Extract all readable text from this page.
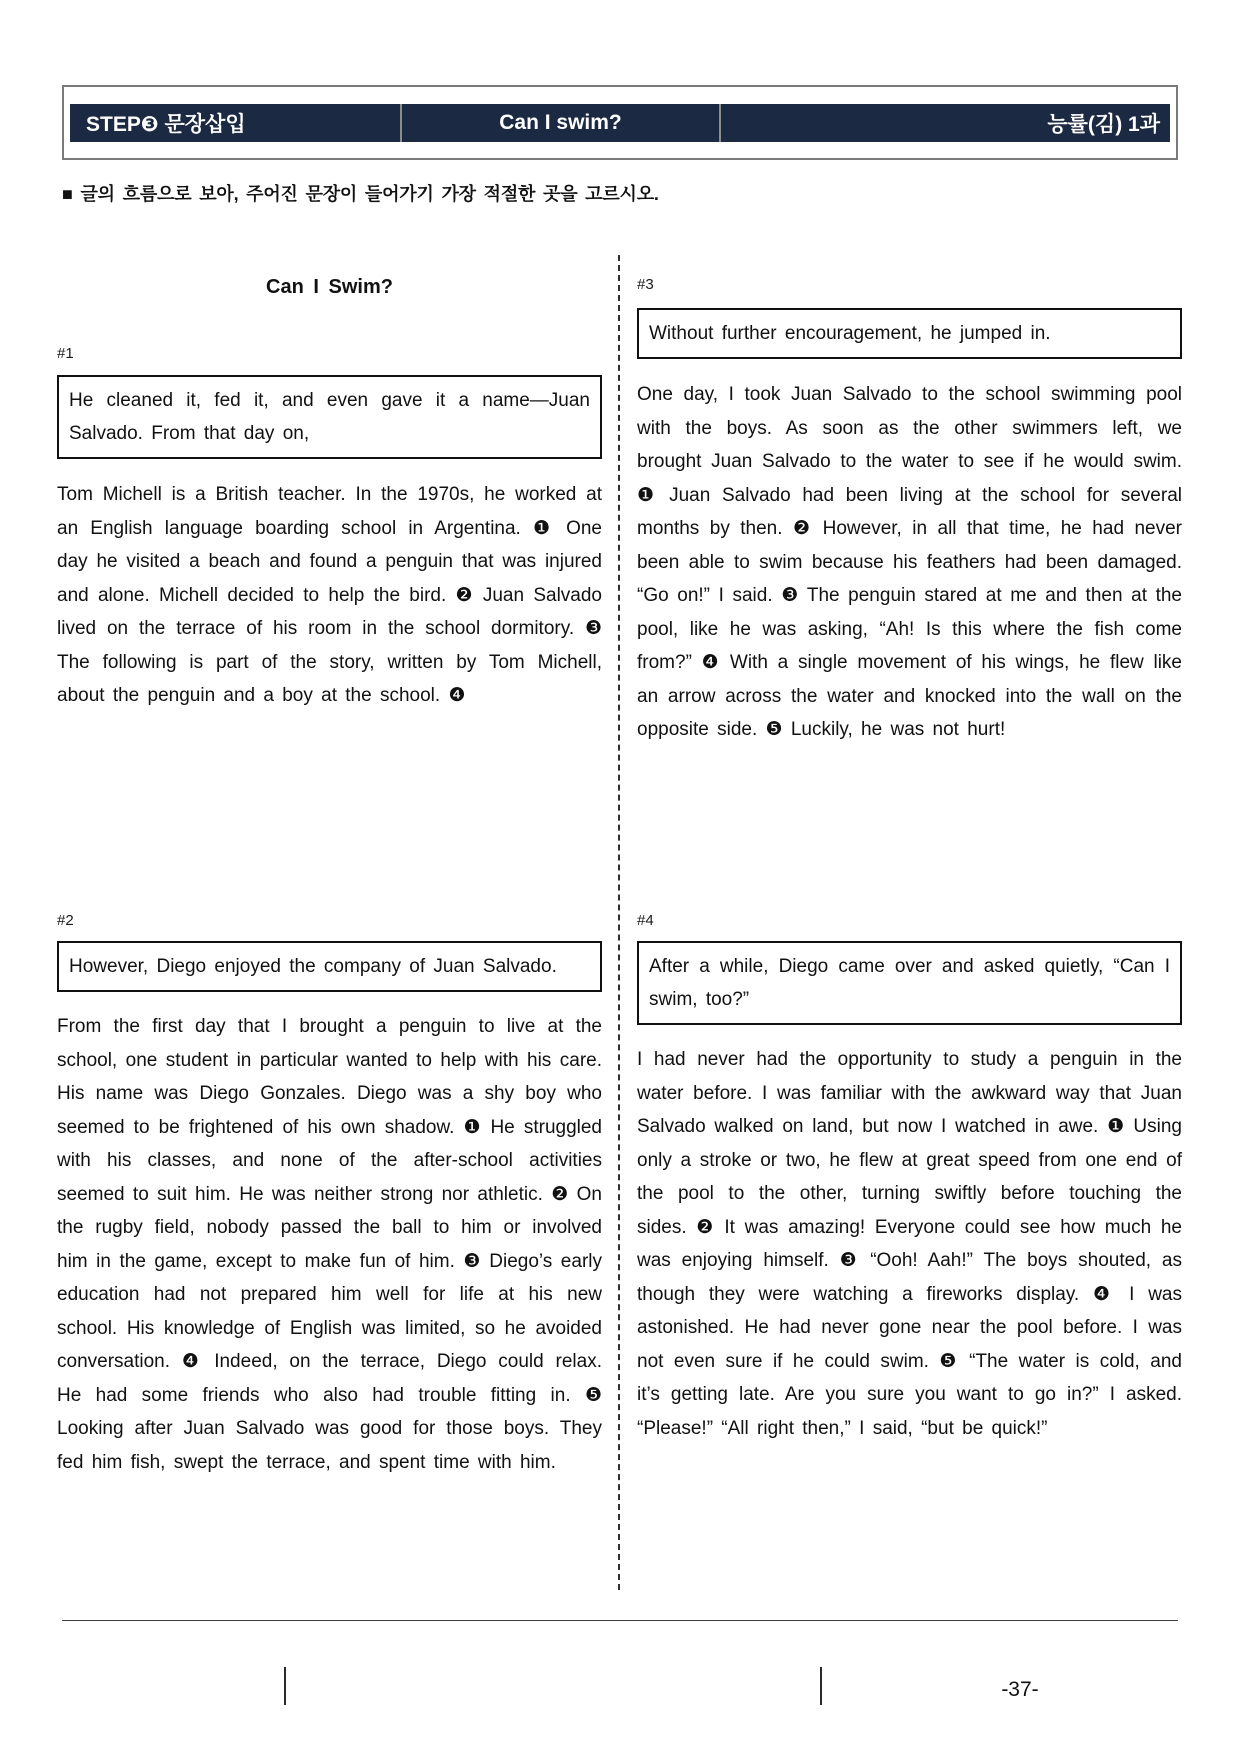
STEP❸ 문장삽입	Can I swim?	능률(김) 1과
■ 글의 흐름으로 보아, 주어진 문장이 들어가기 가장 적절한 곳을 고르시오.
Can I Swim?
#1
He cleaned it, fed it, and even gave it a name—Juan Salvado. From that day on,
Tom Michell is a British teacher. In the 1970s, he worked at an English language boarding school in Argentina. ❶ One day he visited a beach and found a penguin that was injured and alone. Michell decided to help the bird. ❷ Juan Salvado lived on the terrace of his room in the school dormitory. ❸ The following is part of the story, written by Tom Michell, about the penguin and a boy at the school. ❹
#2
However, Diego enjoyed the company of Juan Salvado.
From the first day that I brought a penguin to live at the school, one student in particular wanted to help with his care. His name was Diego Gonzales. Diego was a shy boy who seemed to be frightened of his own shadow. ❶ He struggled with his classes, and none of the after-school activities seemed to suit him. He was neither strong nor athletic. ❷ On the rugby field, nobody passed the ball to him or involved him in the game, except to make fun of him. ❸ Diego’s early education had not prepared him well for life at his new school. His knowledge of English was limited, so he avoided conversation. ❹ Indeed, on the terrace, Diego could relax. He had some friends who also had trouble fitting in. ❺ Looking after Juan Salvado was good for those boys. They fed him fish, swept the terrace, and spent time with him.
#3
Without further encouragement, he jumped in.
One day, I took Juan Salvado to the school swimming pool with the boys. As soon as the other swimmers left, we brought Juan Salvado to the water to see if he would swim. ❶ Juan Salvado had been living at the school for several months by then. ❷ However, in all that time, he had never been able to swim because his feathers had been damaged. “Go on!” I said. ❸ The penguin stared at me and then at the pool, like he was asking, “Ah! Is this where the fish come from?” ❹ With a single movement of his wings, he flew like an arrow across the water and knocked into the wall on the opposite side. ❺ Luckily, he was not hurt!
#4
After a while, Diego came over and asked quietly, “Can I swim, too?”
I had never had the opportunity to study a penguin in the water before. I was familiar with the awkward way that Juan Salvado walked on land, but now I watched in awe. ❶ Using only a stroke or two, he flew at great speed from one end of the pool to the other, turning swiftly before touching the sides. ❷ It was amazing! Everyone could see how much he was enjoying himself. ❸ “Ooh! Aah!” The boys shouted, as though they were watching a fireworks display. ❹ I was astonished. He had never gone near the pool before. I was not even sure if he could swim. ❺ “The water is cold, and it’s getting late. Are you sure you want to go in?” I asked. “Please!” “All right then,” I said, “but be quick!”
-37-
